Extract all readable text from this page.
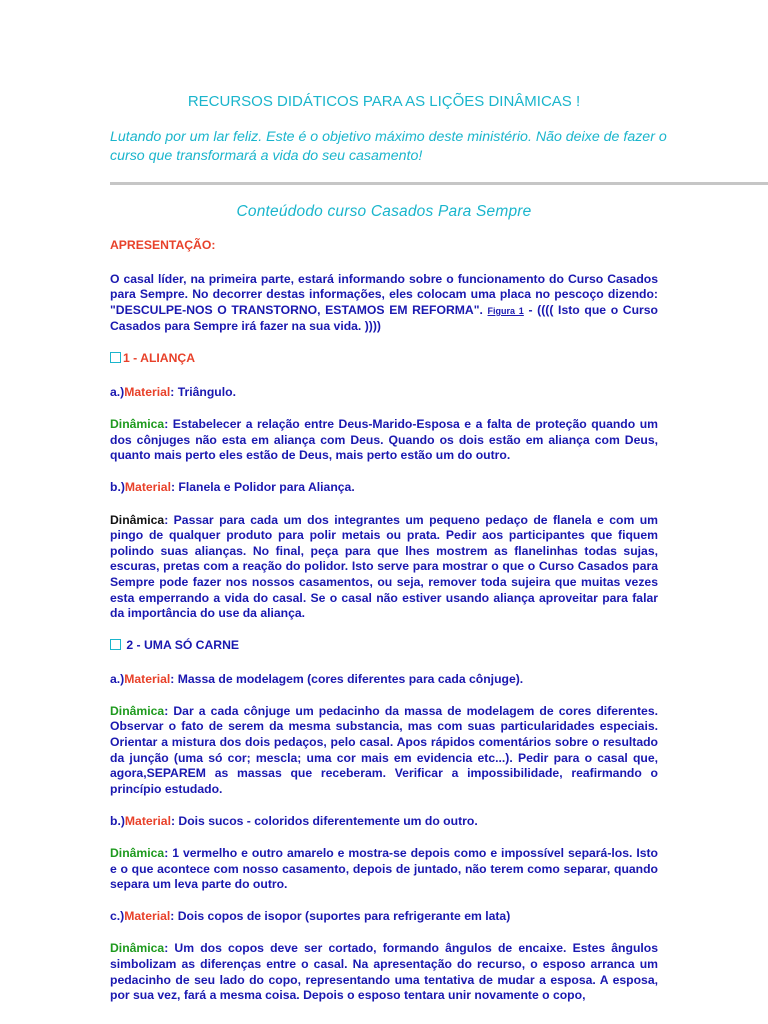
RECURSOS DIDÁTICOS PARA AS LIÇÕES DINÂMICAS !
Lutando por um lar feliz. Este é o objetivo máximo deste ministério. Não deixe de fazer o curso que transformará a vida do seu casamento!
Conteúdodo curso Casados Para Sempre

APRESENTAÇÃO:

O casal líder, na primeira parte, estará informando sobre o funcionamento do Curso Casados para Sempre. No decorrer destas informações, eles colocam uma placa no pescoço dizendo: "DESCULPE-NOS O TRANSTORNO, ESTAMOS EM REFORMA". Figura 1 - (((( Isto que o Curso Casados para Sempre irá fazer na sua vida. ))))

1 - ALIANÇA

a.)Material: Triângulo.

Dinâmica: Estabelecer a relação entre Deus-Marido-Esposa e a falta de proteção quando um dos cônjuges não esta em aliança com Deus. Quando os dois estão em aliança com Deus, quanto mais perto eles estão de Deus, mais perto estão um do outro.

b.)Material: Flanela e Polidor para Aliança.

Dinâmica: Passar para cada um dos integrantes um pequeno pedaço de flanela e com um pingo de qualquer produto para polir metais ou prata. Pedir aos participantes que fiquem polindo suas alianças. No final, peça para que lhes mostrem as flanelinhas todas sujas, escuras, pretas com a reação do polidor. Isto serve para mostrar o que o Curso Casados para Sempre pode fazer nos nossos casamentos, ou seja, remover toda sujeira que muitas vezes esta emperrando a vida do casal. Se o casal não estiver usando aliança aproveitar para falar da importância do use da aliança.

2 - UMA SÓ CARNE

a.)Material: Massa de modelagem (cores diferentes para cada cônjuge).

Dinâmica: Dar a cada cônjuge um pedacinho da massa de modelagem de cores diferentes. Observar o fato de serem da mesma substancia, mas com suas particularidades especiais. Orientar a mistura dos dois pedaços, pelo casal. Apos rápidos comentários sobre o resultado da junção (uma só cor; mescla; uma cor mais em evidencia etc...). Pedir para o casal que, agora,SEPAREM as massas que receberam. Verificar a impossibilidade, reafirmando o princípio estudado.

b.)Material: Dois sucos - coloridos diferentemente um do outro.

Dinâmica: 1 vermelho e outro amarelo e mostra-se depois como e impossível separá-los. Isto e o que acontece com nosso casamento, depois de juntado, não terem como separar, quando separa um leva parte do outro.

c.)Material: Dois copos de isopor (suportes para refrigerante em lata)

Dinâmica: Um dos copos deve ser cortado, formando ângulos de encaixe. Estes ângulos simbolizam as diferenças entre o casal. Na apresentação do recurso, o esposo arranca um pedacinho de seu lado do copo, representando uma tentativa de mudar a esposa. A esposa, por sua vez, fará a mesma coisa. Depois o esposo tentara unir novamente o copo,
